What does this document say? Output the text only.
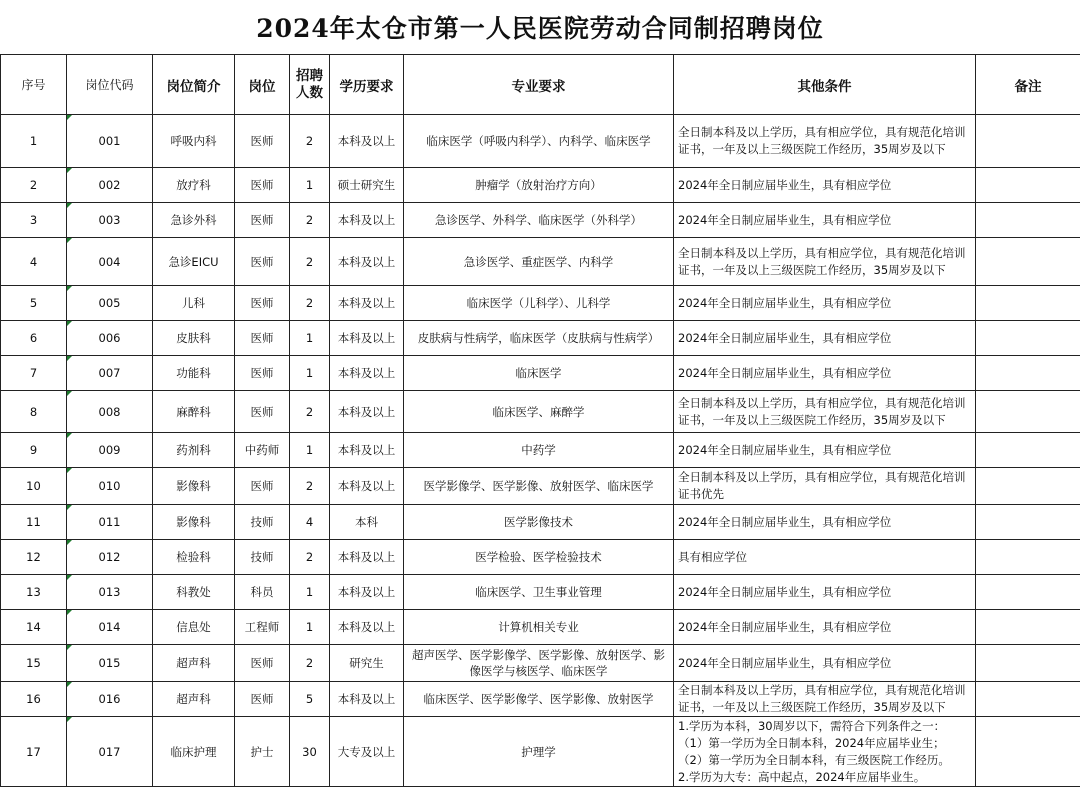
2024年太仓市第一人民医院劳动合同制招聘岗位
序号	岗位代码	岗位简介	岗位	招聘人数	学历要求	专业要求	其他条件	备注
1	001	呼吸内科	医师	2	本科及以上	临床医学（呼吸内科学）、内科学、临床医学	全日制本科及以上学历，具有相应学位，具有规范化培训证书，一年及以上三级医院工作经历，35周岁及以下	
2	002	放疗科	医师	1	硕士研究生	肿瘤学（放射治疗方向）	2024年全日制应届毕业生，具有相应学位	
3	003	急诊外科	医师	2	本科及以上	急诊医学、外科学、临床医学（外科学）	2024年全日制应届毕业生，具有相应学位	
4	004	急诊EICU	医师	2	本科及以上	急诊医学、重症医学、内科学	全日制本科及以上学历，具有相应学位，具有规范化培训证书，一年及以上三级医院工作经历，35周岁及以下	
5	005	儿科	医师	2	本科及以上	临床医学（儿科学）、儿科学	2024年全日制应届毕业生，具有相应学位	
6	006	皮肤科	医师	1	本科及以上	皮肤病与性病学，临床医学（皮肤病与性病学）	2024年全日制应届毕业生，具有相应学位	
7	007	功能科	医师	1	本科及以上	临床医学	2024年全日制应届毕业生，具有相应学位	
8	008	麻醉科	医师	2	本科及以上	临床医学、麻醉学	全日制本科及以上学历，具有相应学位，具有规范化培训证书，一年及以上三级医院工作经历，35周岁及以下	
9	009	药剂科	中药师	1	本科及以上	中药学	2024年全日制应届毕业生，具有相应学位	
10	010	影像科	医师	2	本科及以上	医学影像学、医学影像、放射医学、临床医学	全日制本科及以上学历，具有相应学位，具有规范化培训证书优先	
11	011	影像科	技师	4	本科	医学影像技术	2024年全日制应届毕业生，具有相应学位	
12	012	检验科	技师	2	本科及以上	医学检验、医学检验技术	具有相应学位	
13	013	科教处	科员	1	本科及以上	临床医学、卫生事业管理	2024年全日制应届毕业生，具有相应学位	
14	014	信息处	工程师	1	本科及以上	计算机相关专业	2024年全日制应届毕业生，具有相应学位	
15	015	超声科	医师	2	研究生	超声医学、医学影像学、医学影像、放射医学、影像医学与核医学、临床医学	2024年全日制应届毕业生，具有相应学位	
16	016	超声科	医师	5	本科及以上	临床医学、医学影像学、医学影像、放射医学	全日制本科及以上学历，具有相应学位，具有规范化培训证书，一年及以上三级医院工作经历，35周岁及以下	
17	017	临床护理	护士	30	大专及以上	护理学	1.学历为本科，30周岁以下，需符合下列条件之一：
（1）第一学历为全日制本科，2024年应届毕业生；
（2）第一学历为全日制本科，有三级医院工作经历。
2.学历为大专：高中起点，2024年应届毕业生。	
